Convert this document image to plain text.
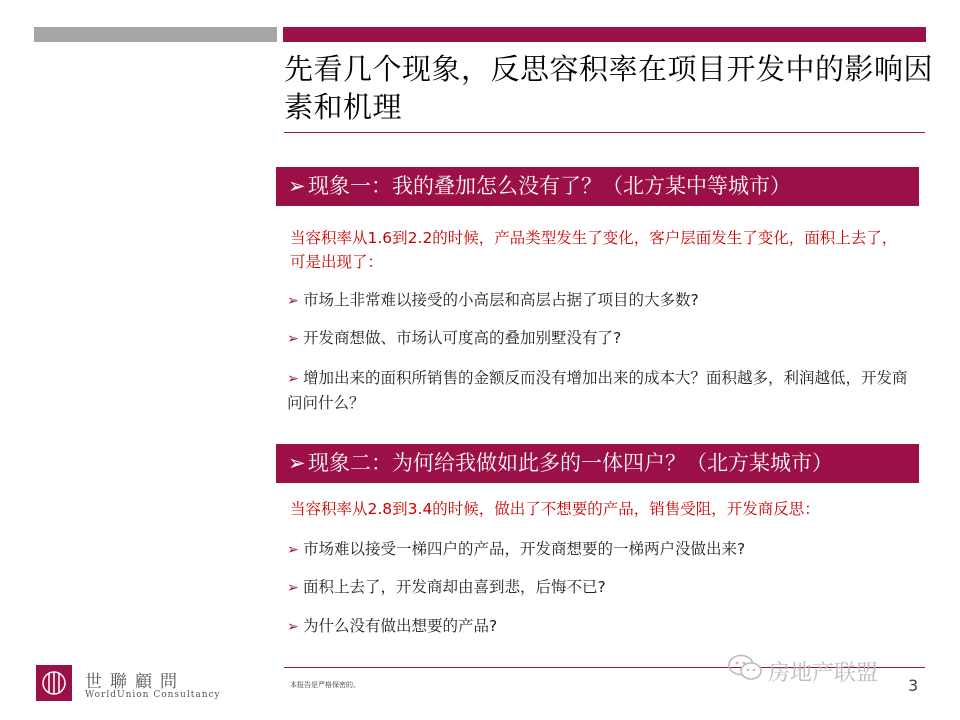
先看几个现象，反思容积率在项目开发中的影响因素和机理
➢ 现象一：我的叠加怎么没有了？（北方某中等城市）
当容积率从1.6到2.2的时候，产品类型发生了变化，客户层面发生了变化，面积上去了，可是出现了：
➢ 市场上非常难以接受的小高层和高层占据了项目的大多数?
➢ 开发商想做、市场认可度高的叠加别墅没有了?
➢ 增加出来的面积所销售的金额反而没有增加出来的成本大？面积越多，利润越低，开发商问问什么？
➢ 现象二：为何给我做如此多的一体四户？（北方某城市）
当容积率从2.8到3.4的时候，做出了不想要的产品，销售受阻，开发商反思：
➢ 市场难以接受一梯四户的产品，开发商想要的一梯两户没做出来?
➢ 面积上去了，开发商却由喜到悲，后悔不已?
➢ 为什么没有做出想要的产品?
本报告是严格保密的。	3
世聯顧問
WorldUnion Consultancy
房地产联盟
